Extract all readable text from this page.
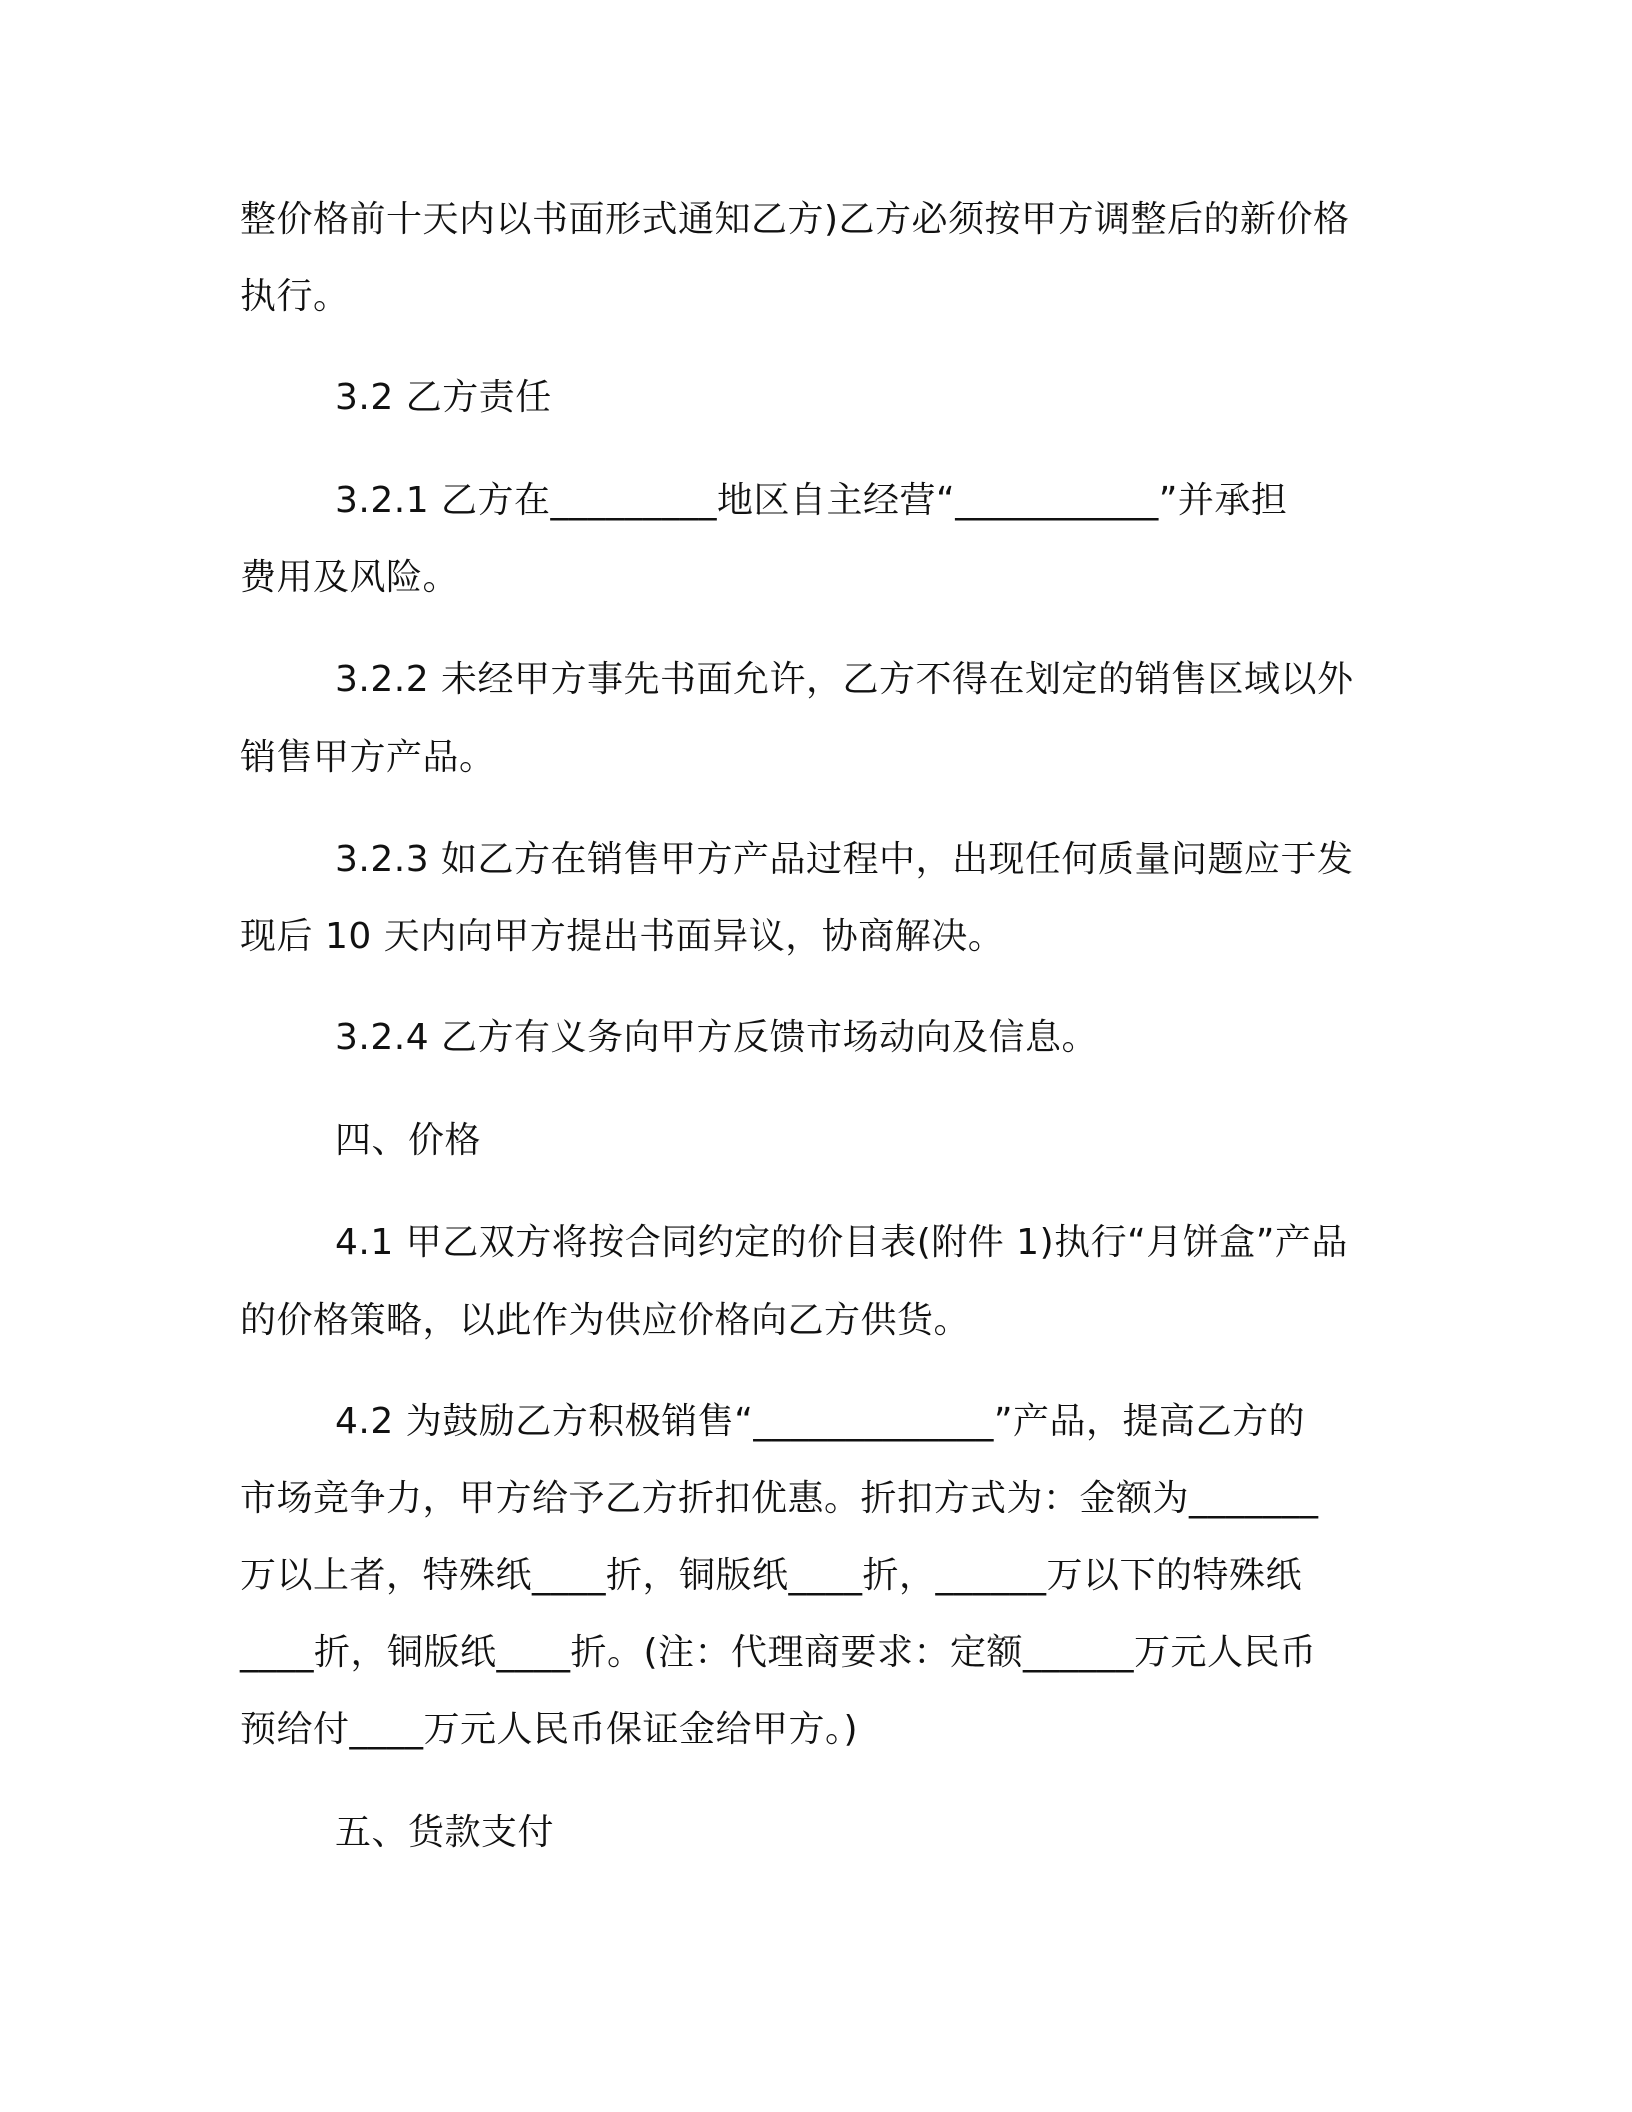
整价格前十天内以书面形式通知乙方)乙方必须按甲方调整后的新价格
执行。
3.2 乙方责任
3.2.1 乙方在_________地区自主经营“___________”并承担
费用及风险。
3.2.2 未经甲方事先书面允许，乙方不得在划定的销售区域以外
销售甲方产品。
3.2.3 如乙方在销售甲方产品过程中，出现任何质量问题应于发
现后 10 天内向甲方提出书面异议，协商解决。
3.2.4 乙方有义务向甲方反馈市场动向及信息。
四、价格
4.1 甲乙双方将按合同约定的价目表(附件 1)执行“月饼盒”产品
的价格策略，以此作为供应价格向乙方供货。
4.2 为鼓励乙方积极销售“_____________”产品，提高乙方的
市场竞争力，甲方给予乙方折扣优惠。折扣方式为：金额为_______
万以上者，特殊纸____折，铜版纸____折，______万以下的特殊纸
____折，铜版纸____折。(注：代理商要求：定额______万元人民币
预给付____万元人民币保证金给甲方。)
五、货款支付
